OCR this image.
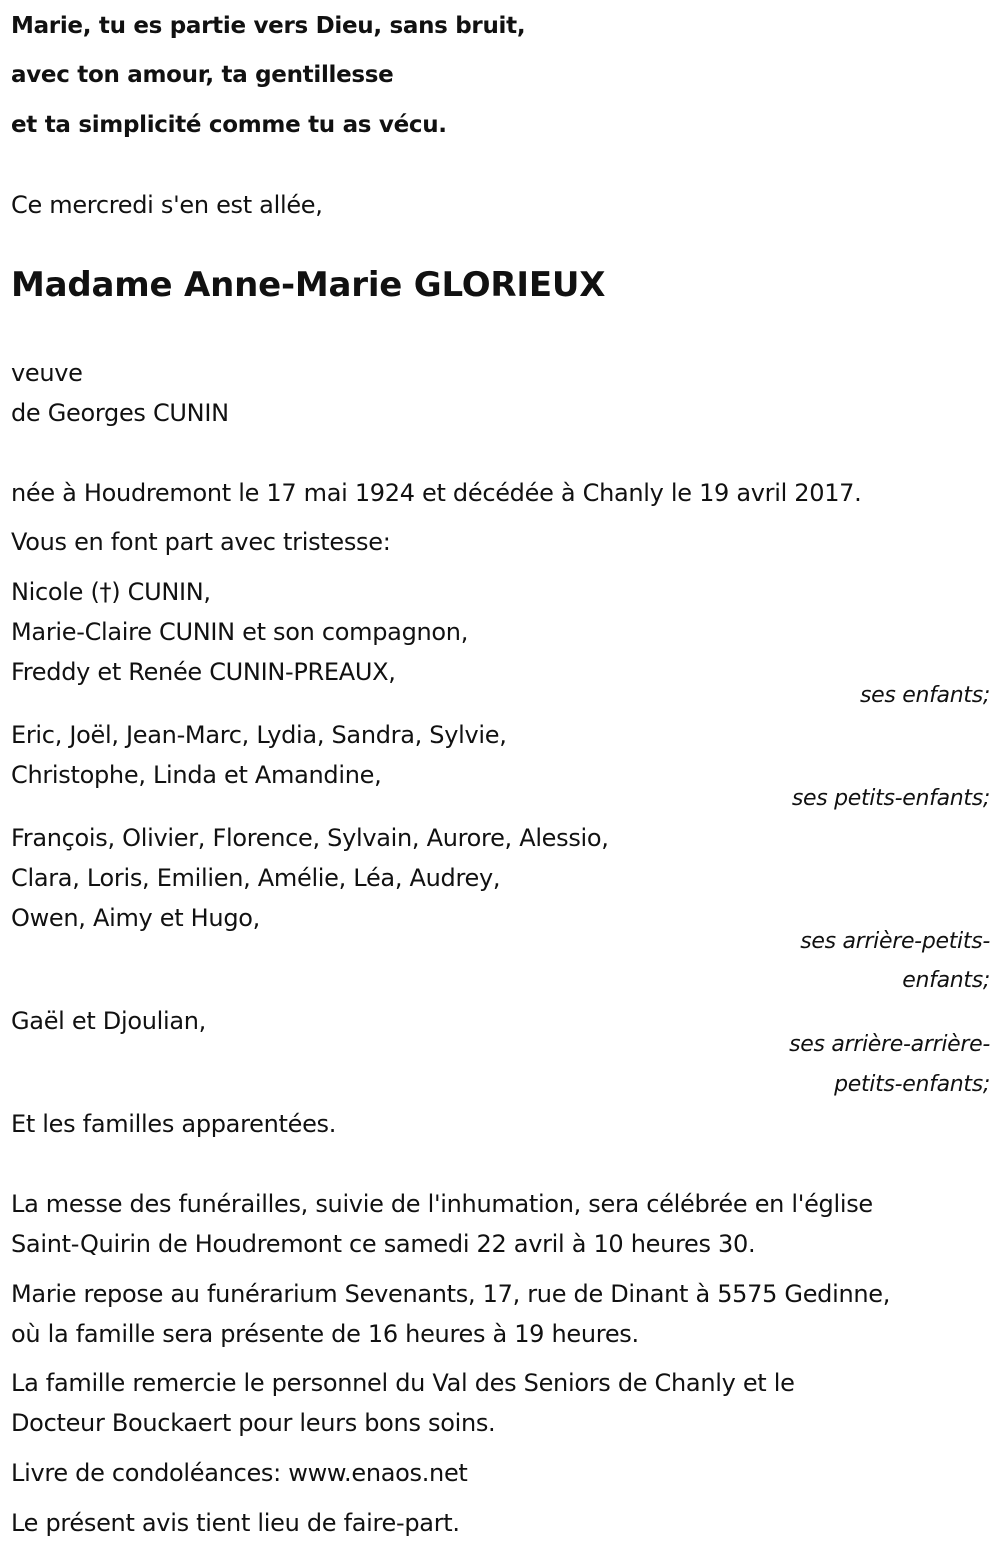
Marie, tu es partie vers Dieu, sans bruit,
avec ton amour, ta gentillesse
et ta simplicité comme tu as vécu.
Ce mercredi s'en est allée,
Madame Anne-Marie GLORIEUX
veuve
de Georges CUNIN
née à Houdremont le 17 mai 1924 et décédée à Chanly le 19 avril 2017.
Vous en font part avec tristesse:
Nicole (†) CUNIN,
Marie-Claire CUNIN et son compagnon,
Freddy et Renée CUNIN-PREAUX,
ses enfants;
Eric, Joël, Jean-Marc, Lydia, Sandra, Sylvie,
Christophe, Linda et Amandine,
ses petits-enfants;
François, Olivier, Florence, Sylvain, Aurore, Alessio,
Clara, Loris, Emilien, Amélie, Léa, Audrey,
Owen, Aimy et Hugo,
ses arrière-petits-
enfants;
Gaël et Djoulian,
ses arrière-arrière-
petits-enfants;
Et les familles apparentées.
La messe des funérailles, suivie de l'inhumation, sera célébrée en l'église
Saint-Quirin de Houdremont ce samedi 22 avril à 10 heures 30.
Marie repose au funérarium Sevenants, 17, rue de Dinant à 5575 Gedinne,
où la famille sera présente de 16 heures à 19 heures.
La famille remercie le personnel du Val des Seniors de Chanly et le
Docteur Bouckaert pour leurs bons soins.
Livre de condoléances: www.enaos.net
Le présent avis tient lieu de faire-part.
